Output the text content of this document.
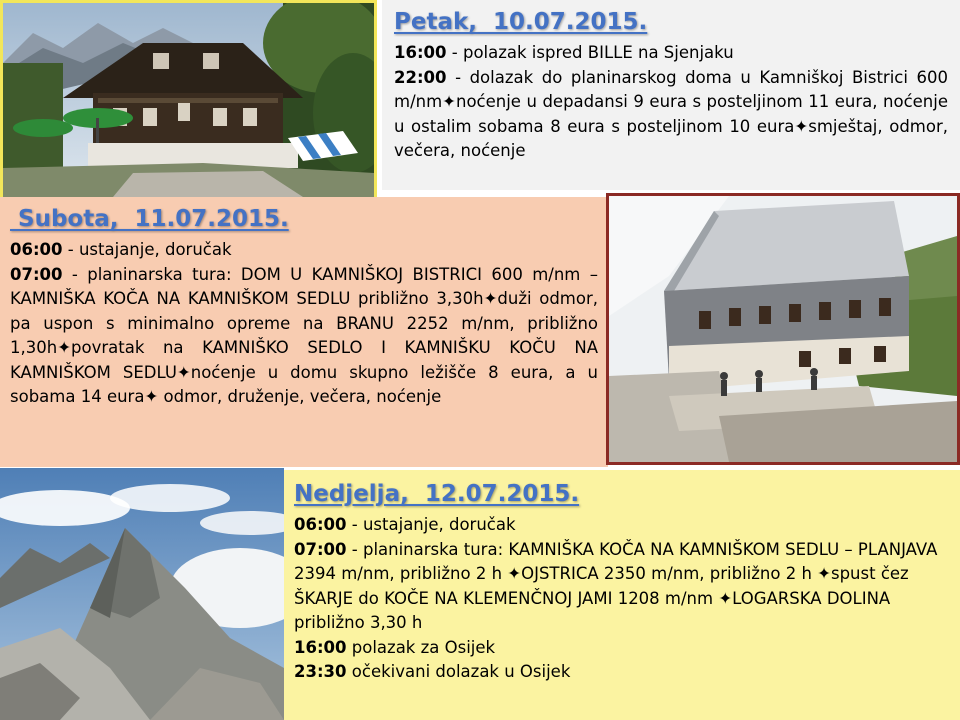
Petak,  10.07.2015.

16:00 - polazak ispred BILLE na Sjenjaku

22:00 - dolazak do planinarskog doma u Kamniškoj Bistrici 600 m/nm✦noćenje u depadansi 9 eura s posteljinom 11 eura, noćenje u ostalim sobama 8 eura s posteljinom 10 eura✦smještaj, odmor, večera, noćenje

Subota,  11.07.2015.

06:00 - ustajanje, doručak

07:00 - planinarska tura: DOM U KAMNIŠKOJ BISTRICI 600 m/nm – KAMNIŠKA KOČA NA KAMNIŠKOM SEDLU približno 3,30h✦duži odmor, pa uspon s minimalno opreme na BRANU 2252 m/nm, približno 1,30h✦povratak na KAMNIŠKO SEDLO I KAMNIŠKU KOČU NA KAMNIŠKOM SEDLU✦noćenje u domu skupno ležišče 8 eura, a u sobama 14 eura✦ odmor, druženje, večera, noćenje

Nedjelja,  12.07.2015.

06:00 - ustajanje, doručak

07:00 - planinarska tura: KAMNIŠKA KOČA NA KAMNIŠKOM SEDLU – PLANJAVA 2394 m/nm, približno 2 h ✦OJSTRICA 2350 m/nm, približno 2 h ✦spust čez ŠKARJE do KOČE NA KLEMENČNOJ JAMI 1208 m/nm ✦LOGARSKA DOLINA približno 3,30 h

16:00 polazak za Osijek

23:30 očekivani dolazak u Osijek
